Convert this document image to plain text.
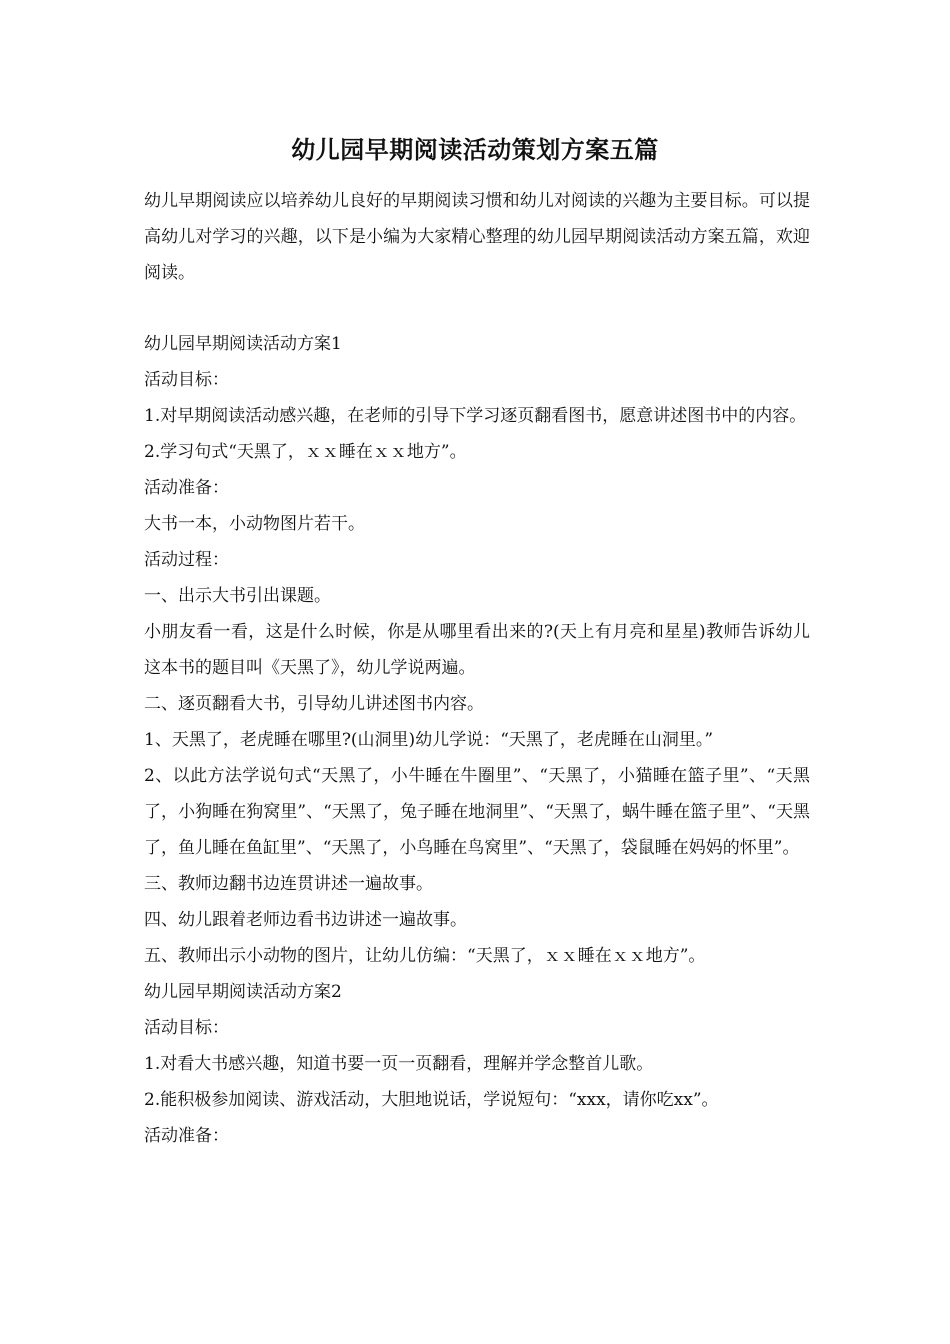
幼儿园早期阅读活动策划方案五篇

幼儿早期阅读应以培养幼儿良好的早期阅读习惯和幼儿对阅读的兴趣为主要目标。可以提高幼儿对学习的兴趣，以下是小编为大家精心整理的幼儿园早期阅读活动方案五篇，欢迎阅读。

幼儿园早期阅读活动方案1

活动目标：

1.对早期阅读活动感兴趣，在老师的引导下学习逐页翻看图书，愿意讲述图书中的内容。

2.学习句式“天黑了，ｘｘ睡在ｘｘ地方”。

活动准备：

大书一本，小动物图片若干。

活动过程：

一、出示大书引出课题。

小朋友看一看，这是什么时候，你是从哪里看出来的?(天上有月亮和星星)教师告诉幼儿这本书的题目叫《天黑了》，幼儿学说两遍。

二、逐页翻看大书，引导幼儿讲述图书内容。

1、天黑了，老虎睡在哪里?(山洞里)幼儿学说：“天黑了，老虎睡在山洞里。”

2、以此方法学说句式“天黑了，小牛睡在牛圈里”、“天黑了，小猫睡在篮子里”、“天黑了，小狗睡在狗窝里”、“天黑了，兔子睡在地洞里”、“天黑了，蜗牛睡在篮子里”、“天黑了，鱼儿睡在鱼缸里”、“天黑了，小鸟睡在鸟窝里”、“天黑了，袋鼠睡在妈妈的怀里”。

三、教师边翻书边连贯讲述一遍故事。

四、幼儿跟着老师边看书边讲述一遍故事。

五、教师出示小动物的图片，让幼儿仿编：“天黑了，ｘｘ睡在ｘｘ地方”。

幼儿园早期阅读活动方案2

活动目标：

1.对看大书感兴趣，知道书要一页一页翻看，理解并学念整首儿歌。

2.能积极参加阅读、游戏活动，大胆地说话，学说短句：“xxx，请你吃xx”。

活动准备：
